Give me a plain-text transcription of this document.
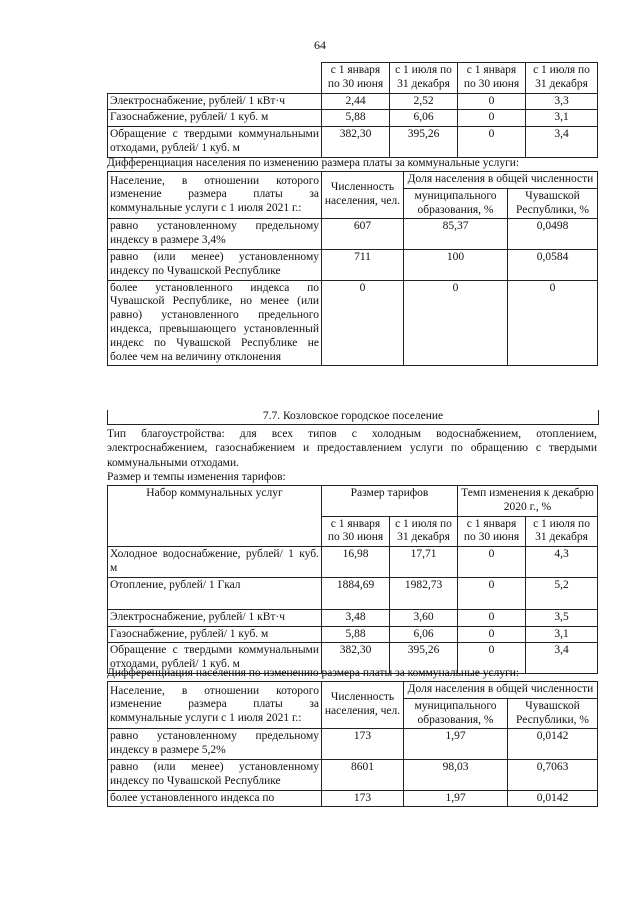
64
	с 1 января по 30 июня	с 1 июля по 31 декабря	с 1 января по 30 июня	с 1 июля по 31 декабря
Электроснабжение, рублей/ 1 кВт·ч	2,44	2,52	0	3,3
Газоснабжение, рублей/ 1 куб. м	5,88	6,06	0	3,1
Обращение с твердыми коммунальными отходами, рублей/ 1 куб. м	382,30	395,26	0	3,4
Дифференциация населения по изменению размера платы за коммунальные услуги:
Население, в отношении которого изменение размера платы за коммунальные услуги с 1 июля 2021 г.:	Численность населения, чел.	Доля населения в общей численности	
		муниципального образования, %	Чувашской Республики, %
равно установленному предельному индексу в размере 3,4%	607	85,37	0,0498
равно (или менее) установленному индексу по Чувашской Республике	711	100	0,0584
более установленного индекса по Чувашской Республике, но менее (или равно) установленного предельного индекса, превышающего установленный индекс по Чувашской Республике не более чем на величину отклонения	0	0	0
7.7. Козловское городское поселение
Тип благоустройства: для всех типов с холодным водоснабжением, отоплением, электроснабжением, газоснабжением и предоставлением услуги по обращению с твердыми коммунальными отходами.
Размер и темпы изменения тарифов:
Набор коммунальных услуг	Размер тарифов		Темп изменения к декабрю 2020 г., %	
	с 1 января по 30 июня	с 1 июля по 31 декабря	с 1 января по 30 июня	с 1 июля по 31 декабря
Холодное водоснабжение, рублей/ 1 куб. м	16,98	17,71	0	4,3
Отопление, рублей/ 1 Гкал	1884,69	1982,73	0	5,2
Электроснабжение, рублей/ 1 кВт·ч	3,48	3,60	0	3,5
Газоснабжение, рублей/ 1 куб. м	5,88	6,06	0	3,1
Обращение с твердыми коммунальными отходами, рублей/ 1 куб. м	382,30	395,26	0	3,4
Дифференциация населения по изменению размера платы за коммунальные услуги:
Население, в отношении которого изменение размера платы за коммунальные услуги с 1 июля 2021 г.:	Численность населения, чел.	Доля населения в общей численности	
		муниципального образования, %	Чувашской Республики, %
равно установленному предельному индексу в размере 5,2%	173	1,97	0,0142
равно (или менее) установленному индексу по Чувашской Республике	8601	98,03	0,7063
более установленного индекса по	173	1,97	0,0142
